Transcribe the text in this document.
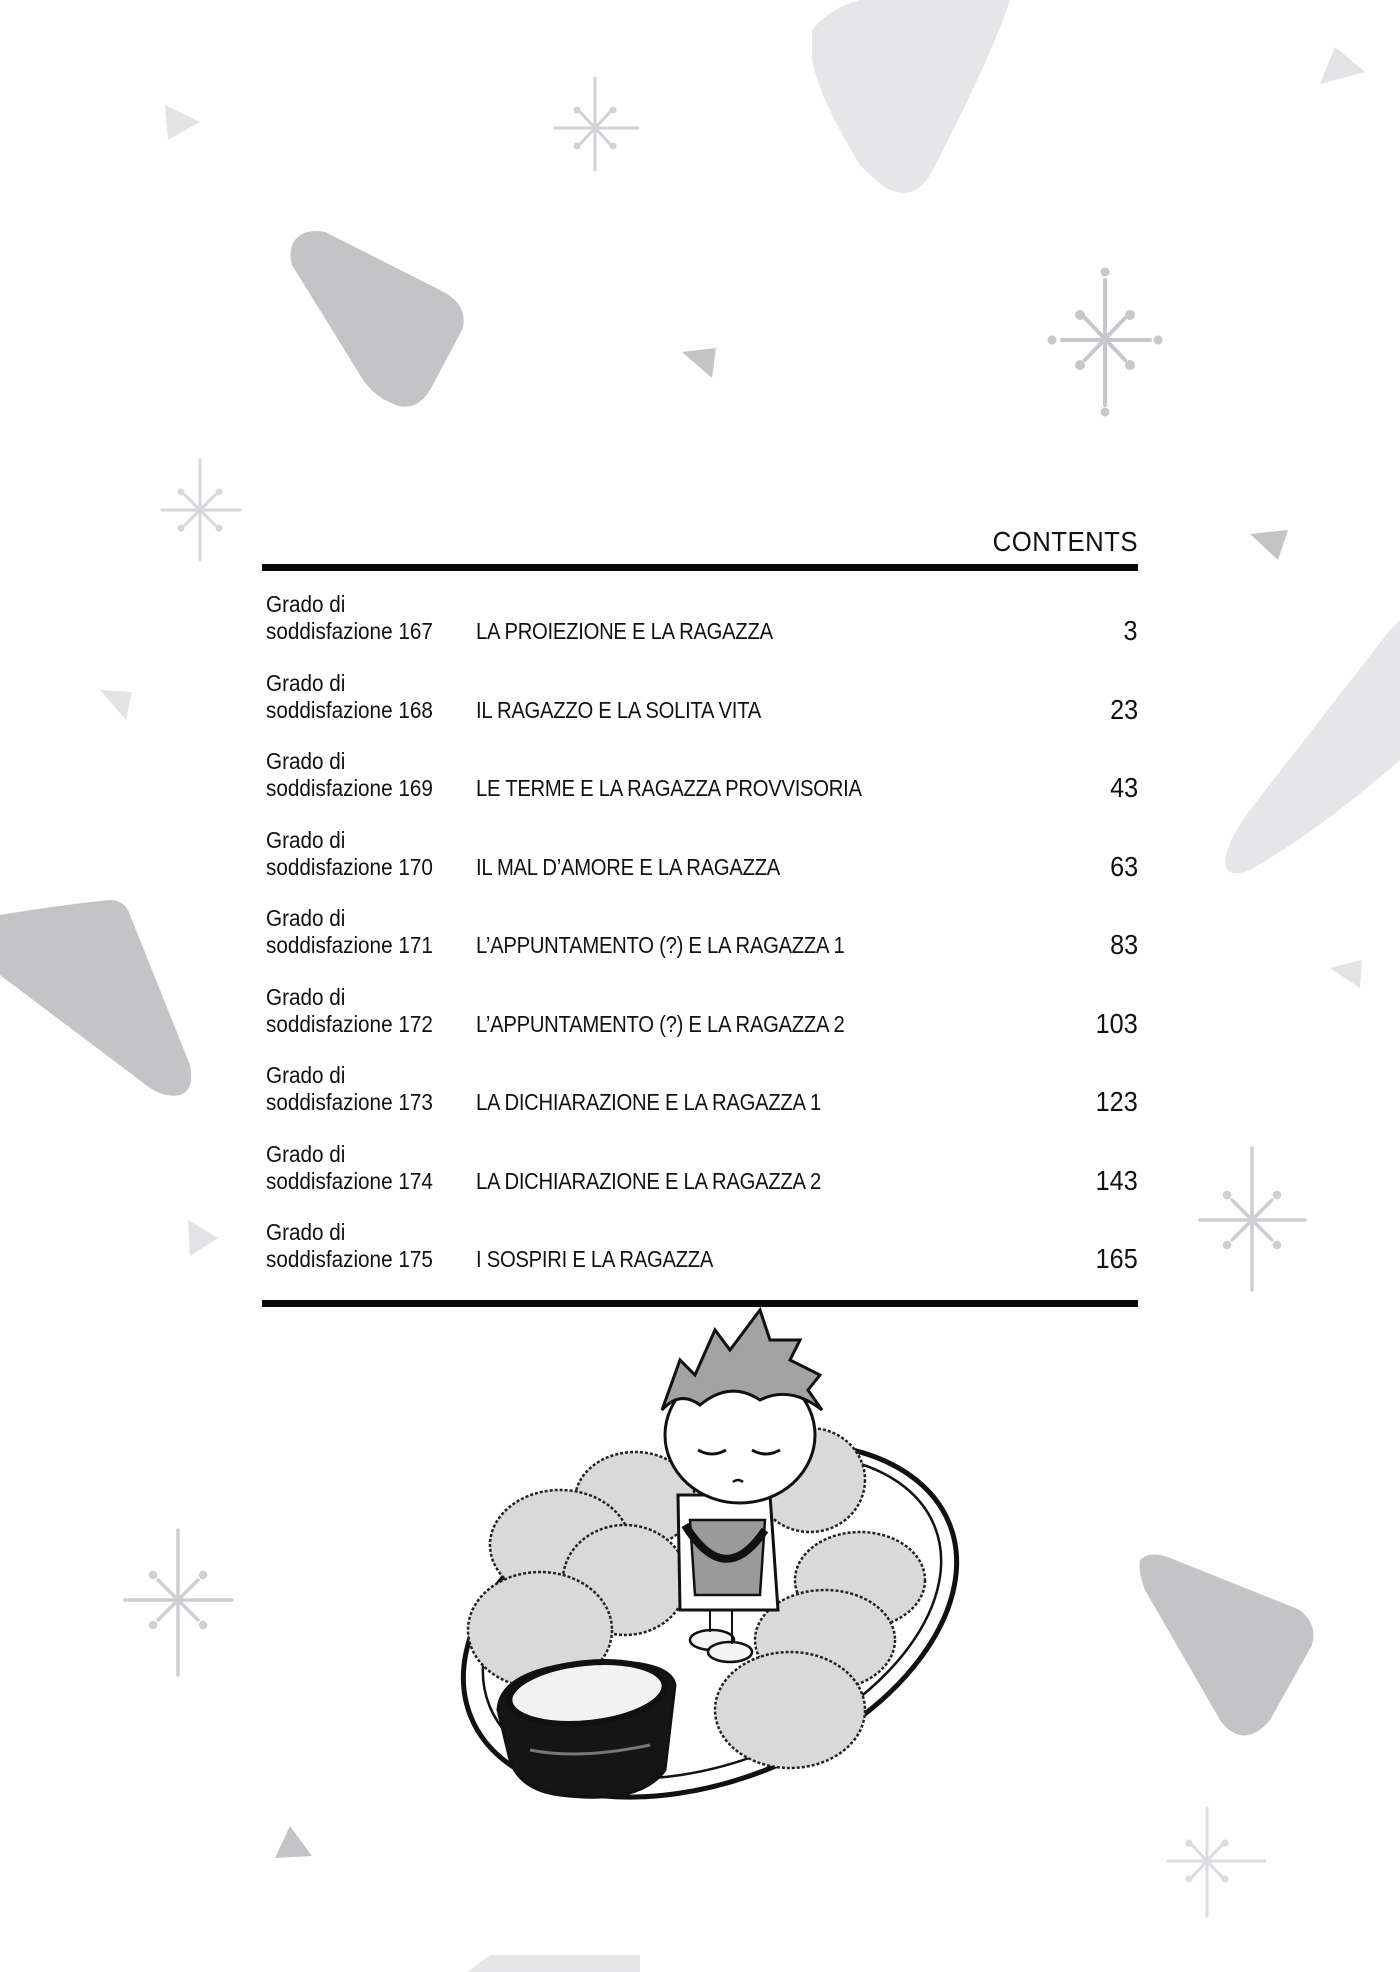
CONTENTS
Grado di
soddisfazione 167 LA PROIEZIONE E LA RAGAZZA	3
Grado di
soddisfazione 168 IL RAGAZZO E LA SOLITA VITA	23
Grado di
soddisfazione 169 LE TERME E LA RAGAZZA PROVVISORIA	43
Grado di
soddisfazione 170 IL MAL D’AMORE E LA RAGAZZA	63
Grado di
soddisfazione 171 L’APPUNTAMENTO (?) E LA RAGAZZA 1	83
Grado di
soddisfazione 172 L’APPUNTAMENTO (?) E LA RAGAZZA 2	103
Grado di
soddisfazione 173 LA DICHIARAZIONE E LA RAGAZZA 1	123
Grado di
soddisfazione 174 LA DICHIARAZIONE E LA RAGAZZA 2	143
Grado di
soddisfazione 175 I SOSPIRI E LA RAGAZZA	165
